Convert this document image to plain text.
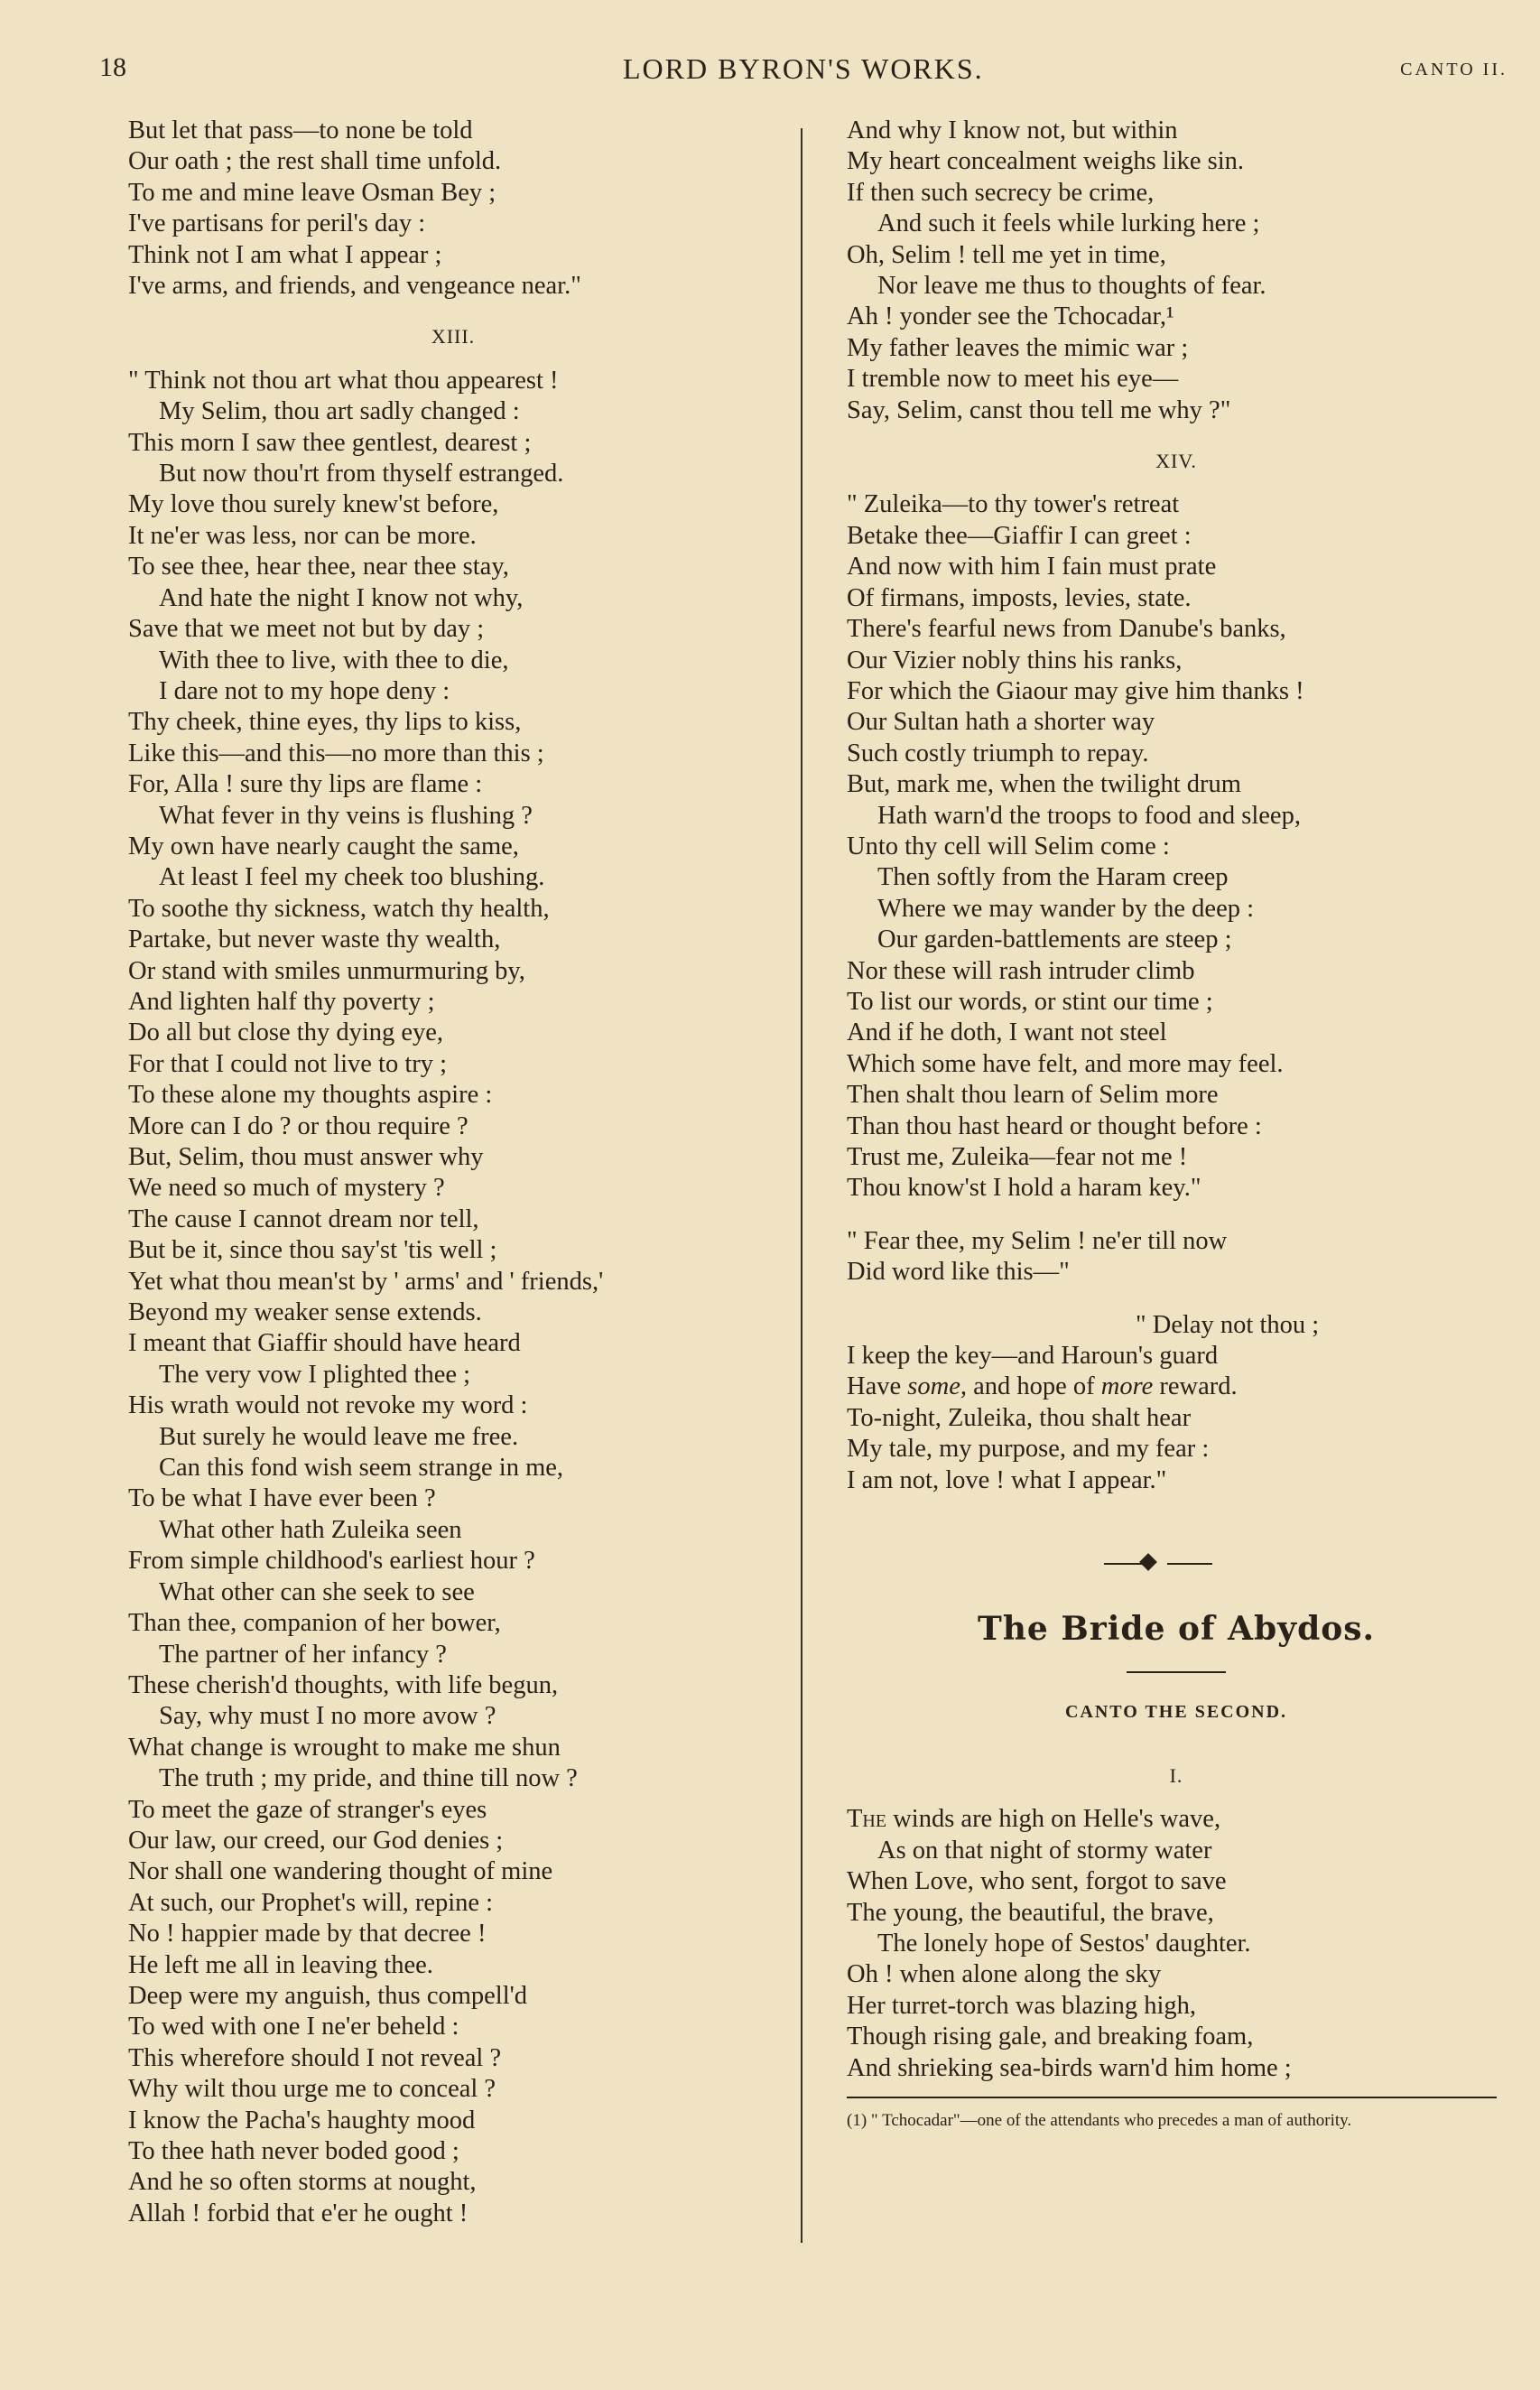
18	LORD BYRON'S WORKS.	CANTO II.
But let that pass—to none be told
Our oath ; the rest shall time unfold.
To me and mine leave Osman Bey ;
I've partisans for peril's day :
Think not I am what I appear ;
I've arms, and friends, and vengeance near."
XIII.
" Think not thou art what thou appearest !
My Selim, thou art sadly changed :
This morn I saw thee gentlest, dearest ;
But now thou'rt from thyself estranged.
My love thou surely knew'st before,
It ne'er was less, nor can be more.
To see thee, hear thee, near thee stay,
And hate the night I know not why,
Save that we meet not but by day ;
With thee to live, with thee to die,
I dare not to my hope deny :
Thy cheek, thine eyes, thy lips to kiss,
Like this—and this—no more than this ;
For, Alla ! sure thy lips are flame :
What fever in thy veins is flushing ?
My own have nearly caught the same,
At least I feel my cheek too blushing.
To soothe thy sickness, watch thy health,
Partake, but never waste thy wealth,
Or stand with smiles unmurmuring by,
And lighten half thy poverty ;
Do all but close thy dying eye,
For that I could not live to try ;
To these alone my thoughts aspire :
More can I do ? or thou require ?
But, Selim, thou must answer why
We need so much of mystery ?
The cause I cannot dream nor tell,
But be it, since thou say'st 'tis well ;
Yet what thou mean'st by ' arms' and ' friends,'
Beyond my weaker sense extends.
I meant that Giaffir should have heard
The very vow I plighted thee ;
His wrath would not revoke my word :
But surely he would leave me free.
Can this fond wish seem strange in me,
To be what I have ever been ?
What other hath Zuleika seen
From simple childhood's earliest hour ?
What other can she seek to see
Than thee, companion of her bower,
The partner of her infancy ?
These cherish'd thoughts, with life begun,
Say, why must I no more avow ?
What change is wrought to make me shun
The truth ; my pride, and thine till now ?
To meet the gaze of stranger's eyes
Our law, our creed, our God denies ;
Nor shall one wandering thought of mine
At such, our Prophet's will, repine :
No ! happier made by that decree !
He left me all in leaving thee.
Deep were my anguish, thus compell'd
To wed with one I ne'er beheld :
This wherefore should I not reveal ?
Why wilt thou urge me to conceal ?
I know the Pacha's haughty mood
To thee hath never boded good ;
And he so often storms at nought,
Allah ! forbid that e'er he ought !
And why I know not, but within
My heart concealment weighs like sin.
If then such secrecy be crime,
And such it feels while lurking here ;
Oh, Selim ! tell me yet in time,
Nor leave me thus to thoughts of fear.
Ah ! yonder see the Tchocadar,¹
My father leaves the mimic war ;
I tremble now to meet his eye—
Say, Selim, canst thou tell me why ?"
XIV.
" Zuleika—to thy tower's retreat
Betake thee—Giaffir I can greet :
And now with him I fain must prate
Of firmans, imposts, levies, state.
There's fearful news from Danube's banks,
Our Vizier nobly thins his ranks,
For which the Giaour may give him thanks !
Our Sultan hath a shorter way
Such costly triumph to repay.
But, mark me, when the twilight drum
Hath warn'd the troops to food and sleep,
Unto thy cell will Selim come :
Then softly from the Haram creep
Where we may wander by the deep :
Our garden-battlements are steep ;
Nor these will rash intruder climb
To list our words, or stint our time ;
And if he doth, I want not steel
Which some have felt, and more may feel.
Then shalt thou learn of Selim more
Than thou hast heard or thought before :
Trust me, Zuleika—fear not me !
Thou know'st I hold a haram key."
" Fear thee, my Selim ! ne'er till now
Did word like this—"
" Delay not thou ;
I keep the key—and Haroun's guard
Have some, and hope of more reward.
To-night, Zuleika, thou shalt hear
My tale, my purpose, and my fear :
I am not, love ! what I appear."
The Bride of Abydos.
CANTO THE SECOND.
I.
The winds are high on Helle's wave,
As on that night of stormy water
When Love, who sent, forgot to save
The young, the beautiful, the brave,
The lonely hope of Sestos' daughter.
Oh ! when alone along the sky
Her turret-torch was blazing high,
Though rising gale, and breaking foam,
And shrieking sea-birds warn'd him home ;
(1) " Tchocadar"—one of the attendants who precedes a man of authority.
